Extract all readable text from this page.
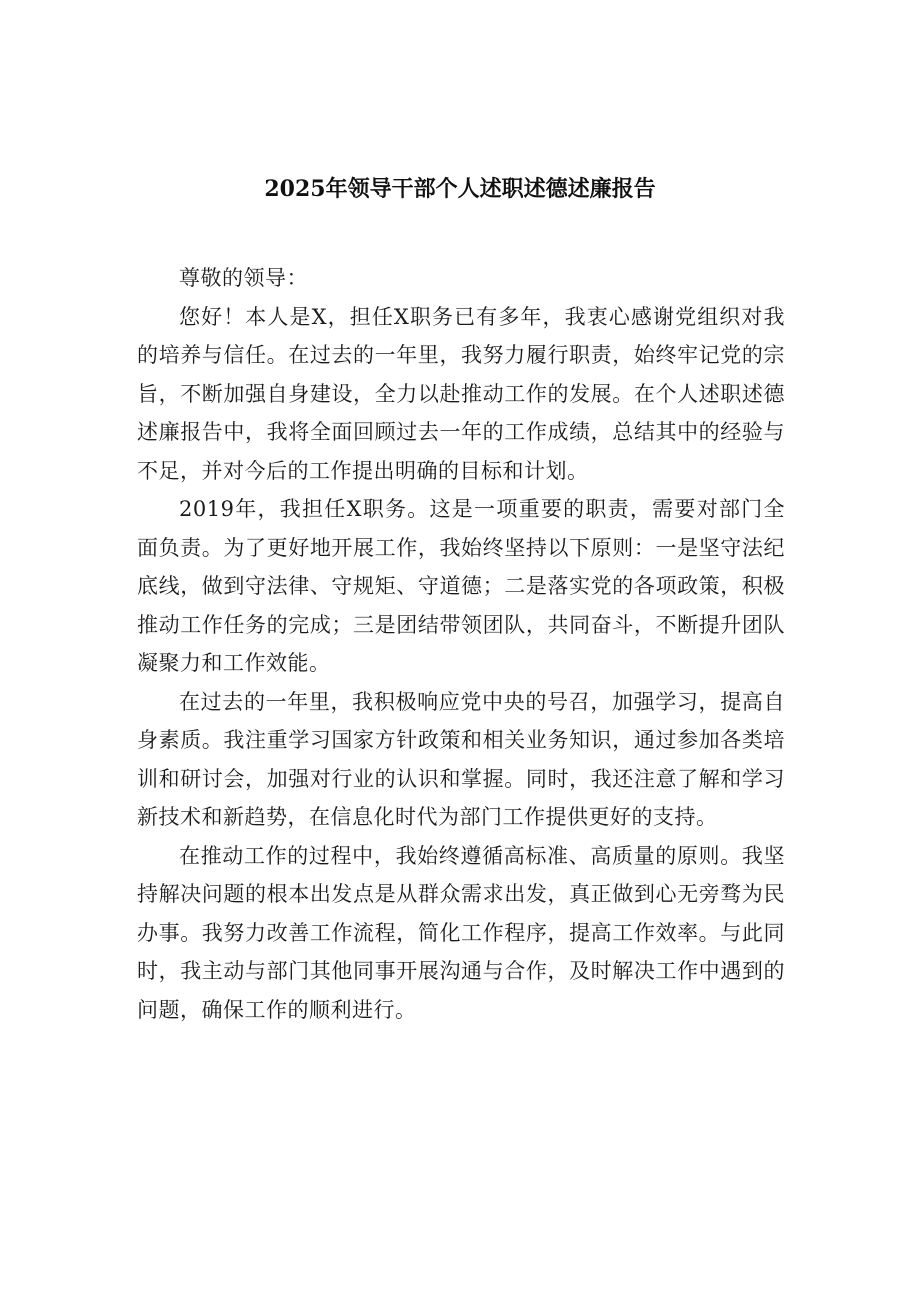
2025年领导干部个人述职述德述廉报告

尊敬的领导：

您好！本人是X，担任X职务已有多年，我衷心感谢党组织对我的培养与信任。在过去的一年里，我努力履行职责，始终牢记党的宗旨，不断加强自身建设，全力以赴推动工作的发展。在个人述职述德述廉报告中，我将全面回顾过去一年的工作成绩，总结其中的经验与不足，并对今后的工作提出明确的目标和计划。

2019年，我担任X职务。这是一项重要的职责，需要对部门全面负责。为了更好地开展工作，我始终坚持以下原则：一是坚守法纪底线，做到守法律、守规矩、守道德；二是落实党的各项政策，积极推动工作任务的完成；三是团结带领团队，共同奋斗，不断提升团队凝聚力和工作效能。

在过去的一年里，我积极响应党中央的号召，加强学习，提高自身素质。我注重学习国家方针政策和相关业务知识，通过参加各类培训和研讨会，加强对行业的认识和掌握。同时，我还注意了解和学习新技术和新趋势，在信息化时代为部门工作提供更好的支持。

在推动工作的过程中，我始终遵循高标准、高质量的原则。我坚持解决问题的根本出发点是从群众需求出发，真正做到心无旁骛为民办事。我努力改善工作流程，简化工作程序，提高工作效率。与此同时，我主动与部门其他同事开展沟通与合作，及时解决工作中遇到的问题，确保工作的顺利进行。
